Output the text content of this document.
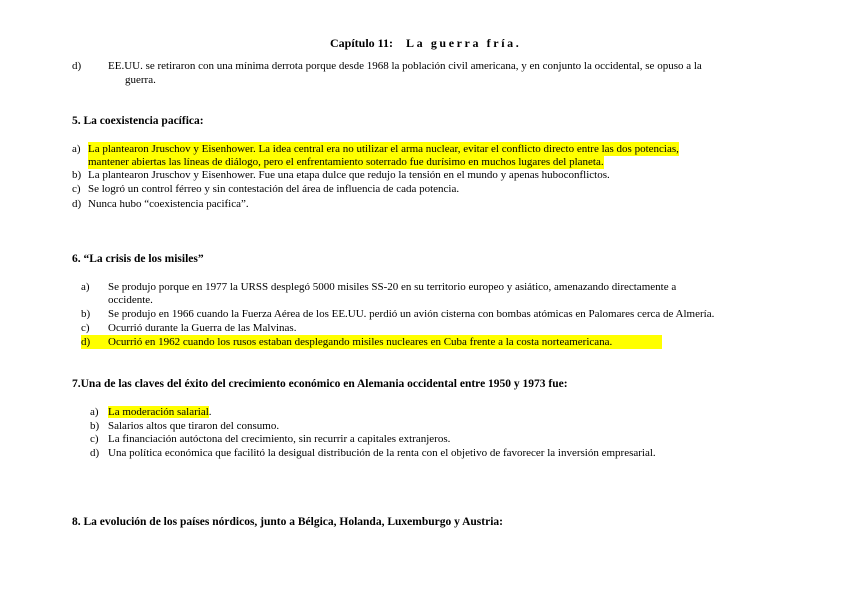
Capítulo 11: La guerra fría.
d) EE.UU. se retiraron con una mínima derrota porque desde 1968 la población civil americana, y en conjunto la occidental, se opuso a la
guerra.
5. La coexistencia pacífica:
a) La plantearon Jruschov y Eisenhower. La idea central era no utilizar el arma nuclear, evitar el conflicto directo entre las dos potencias,
mantener abiertas las líneas de diálogo, pero el enfrentamiento soterrado fue durísimo en muchos lugares del planeta.
b) La plantearon Jruschov y Eisenhower. Fue una etapa dulce que redujo la tensión en el mundo y apenas huboconflictos.
c) Se logró un control férreo y sin contestación del área de influencia de cada potencia.
d) Nunca hubo “coexistencia pacifica”.
6. “La crisis de los misiles”
a) Se produjo porque en 1977 la URSS desplegó 5000 misiles SS-20 en su territorio europeo y asiático, amenazando directamente a
occidente.
b) Se produjo en 1966 cuando la Fuerza Aérea de los EE.UU. perdió un avión cisterna con bombas atómicas en Palomares cerca de Almería.
c) Ocurrió durante la Guerra de las Malvinas.
d) Ocurrió en 1962 cuando los rusos estaban desplegando misiles nucleares en Cuba frente a la costa norteamericana.
7.Una de las claves del éxito del crecimiento económico en Alemania occidental entre 1950 y 1973 fue:
a) La moderación salarial.
b) Salarios altos que tiraron del consumo.
c) La financiación autóctona del crecimiento, sin recurrir a capitales extranjeros.
d) Una política económica que facilitó la desigual distribución de la renta con el objetivo de favorecer la inversión empresarial.
8. La evolución de los países nórdicos, junto a Bélgica, Holanda, Luxemburgo y Austria:
